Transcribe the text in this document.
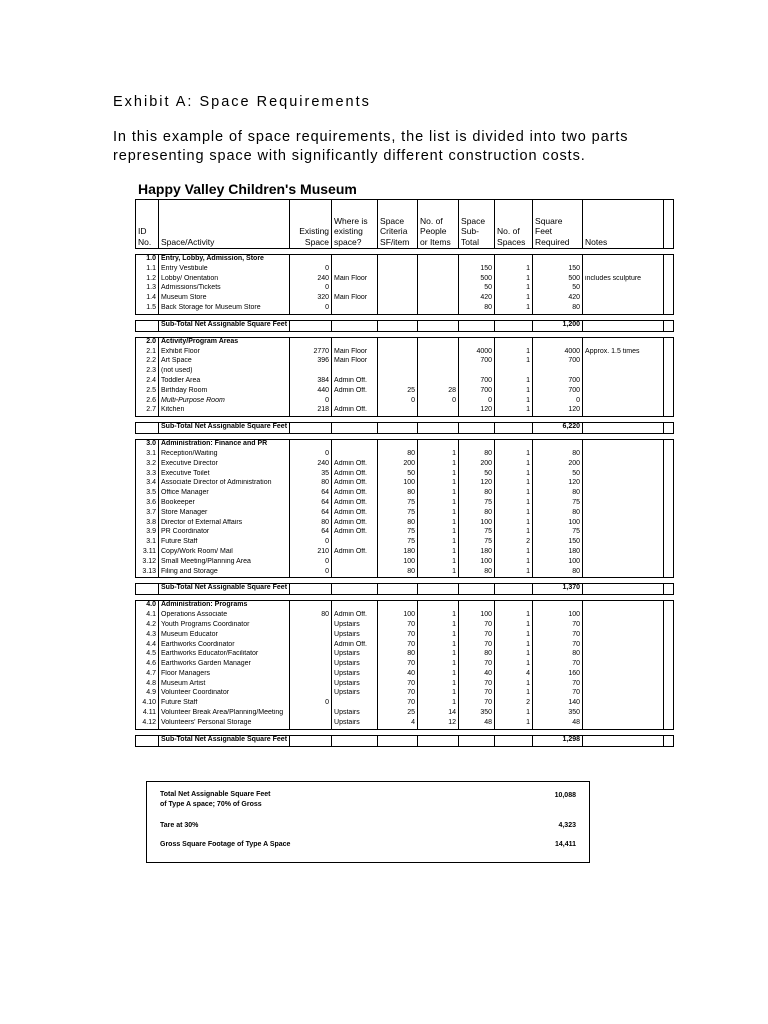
Exhibit A: Space Requirements
In this example of space requirements, the list is divided into two parts representing space with significantly different construction costs.
Happy Valley Children's Museum
ID No.	Space/Activity	Existing Space	Where is existing space?	Space Criteria SF/item	No. of People or Items	Space Sub-Total	No. of Spaces	Square Feet Required	Notes	

1.0	Entry, Lobby, Admission, Store									
1.1	Entry Vestibule	0				150	1	150		
1.2	Lobby/ Orientation	240	Main Floor			500	1	500	includes sculpture	
1.3	Admissions/Tickets	0				50	1	50		
1.4	Museum Store	320	Main Floor			420	1	420		
1.5	Back Storage for Museum Store	0				80	1	80		

	Sub-Total Net Assignable Square Feet							1,200		

2.0	Activity/Program Areas									
2.1	Exhibit Floor	2770	Main Floor			4000	1	4000	Approx. 1.5 times	
2.2	Art Space	396	Main Floor			700	1	700		
2.3	(not used)									
2.4	Toddler Area	384	Admin Off.			700	1	700		
2.5	Birthday Room	440	Admin Off.	25	28	700	1	700		
2.6	Multi-Purpose Room	0		0	0	0	1	0		
2.7	Kitchen	218	Admin Off.			120	1	120		

	Sub-Total Net Assignable Square Feet							6,220		

3.0	Administration: Finance and PR									
3.1	Reception/Waiting	0		80	1	80	1	80		
3.2	Executive Director	240	Admin Off.	200	1	200	1	200		
3.3	Executive Toilet	35	Admin Off.	50	1	50	1	50		
3.4	Associate Director of Administration	80	Admin Off.	100	1	120	1	120		
3.5	Office Manager	64	Admin Off.	80	1	80	1	80		
3.6	Bookeeper	64	Admin Off.	75	1	75	1	75		
3.7	Store Manager	64	Admin Off.	75	1	80	1	80		
3.8	Director of External Affairs	80	Admin Off.	80	1	100	1	100		
3.9	PR Coordinator	64	Admin Off.	75	1	75	1	75		
3.1	Future Staff	0		75	1	75	2	150		
3.11	Copy/Work Room/ Mail	210	Admin Off.	180	1	180	1	180		
3.12	Small Meeting/Planning Area	0		100	1	100	1	100		
3.13	Filing and Storage	0		80	1	80	1	80		

	Sub-Total Net Assignable Square Feet							1,370		

4.0	Administration: Programs									
4.1	Operations Associate	80	Admin Off.	100	1	100	1	100		
4.2	Youth Programs Coordinator		Upstairs	70	1	70	1	70		
4.3	Museum Educator		Upstairs	70	1	70	1	70		
4.4	Earthworks Coordinator		Admin Off.	70	1	70	1	70		
4.5	Earthworks Educator/Facilitator		Upstairs	80	1	80	1	80		
4.6	Earthworks Garden Manager		Upstairs	70	1	70	1	70		
4.7	Floor Managers		Upstairs	40	1	40	4	160		
4.8	Museum Artist		Upstairs	70	1	70	1	70		
4.9	Volunteer Coordinator		Upstairs	70	1	70	1	70		
4.10	Future Staff	0		70	1	70	2	140		
4.11	Volunteer Break Area/Planning/Meeting		Upstairs	25	14	350	1	350		
4.12	Volunteers' Personal Storage		Upstairs	4	12	48	1	48		

	Sub-Total Net Assignable Square Feet							1,298		
Total Net Assignable Square Feet
of Type A space; 70% of Gross
10,088
Tare at 30%	4,323
Gross Square Footage of Type A Space	14,411
